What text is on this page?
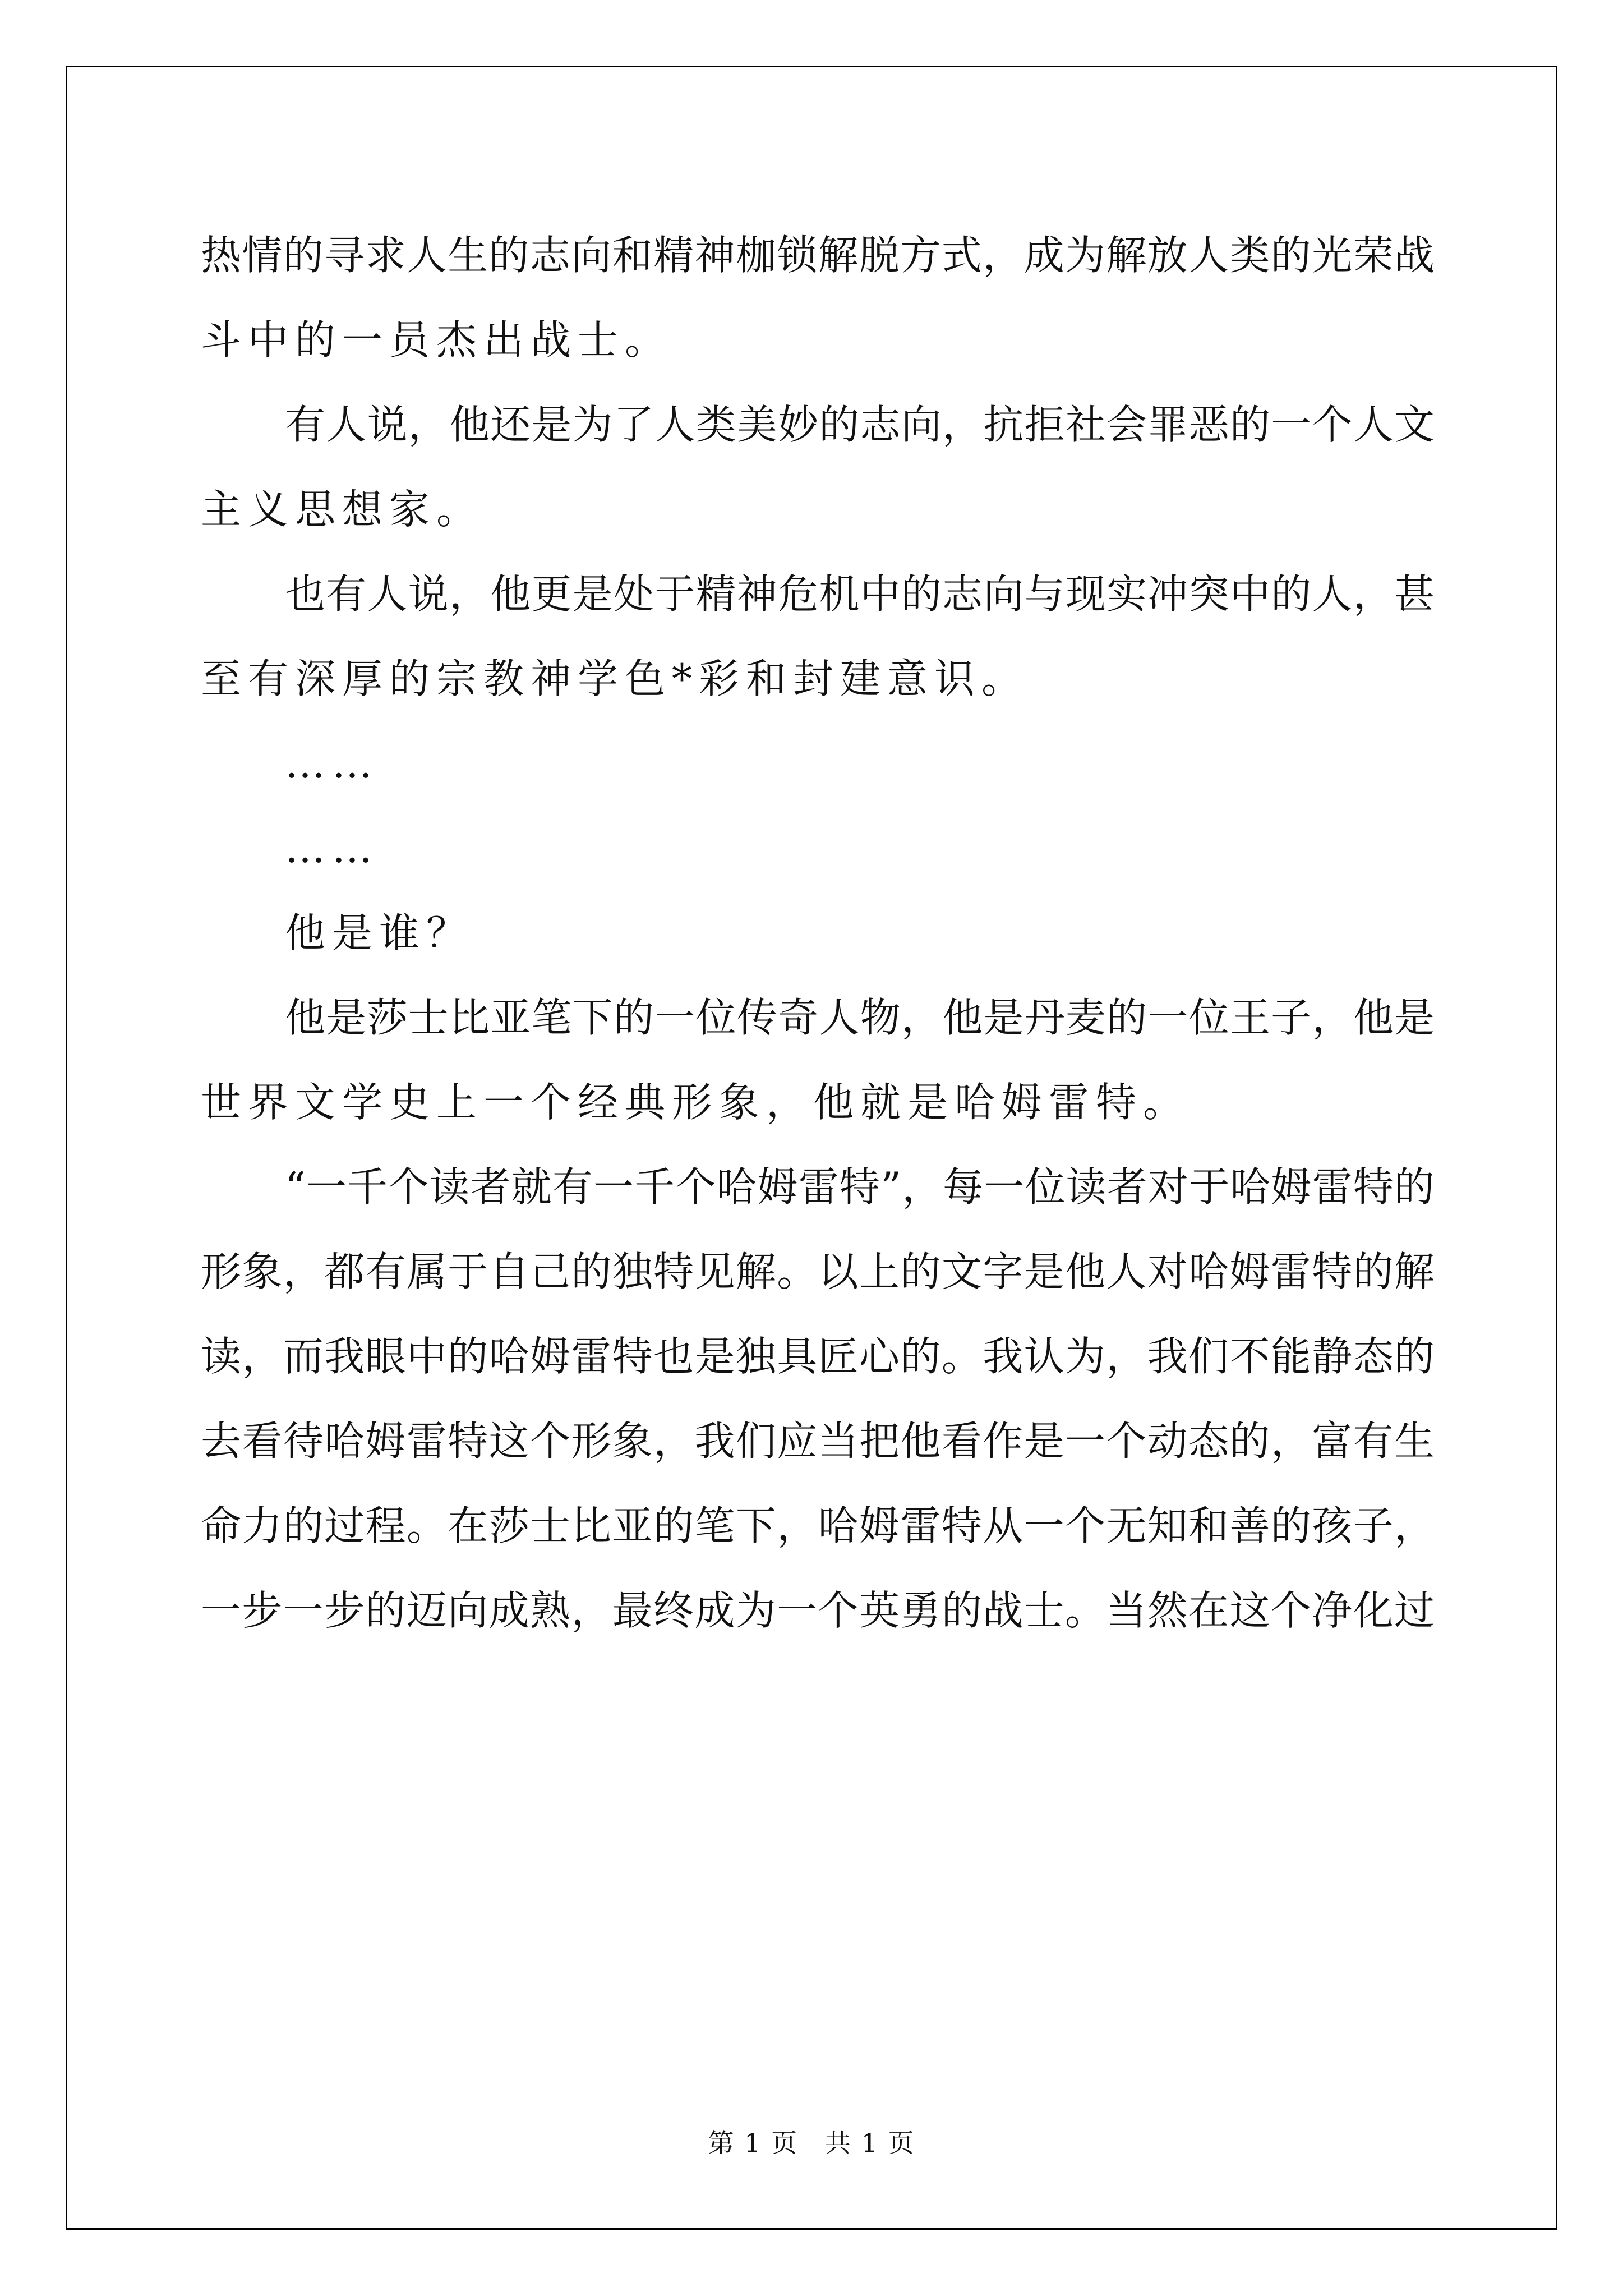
热情的寻求人生的志向和精神枷锁解脱方式，成为解放人类的光荣战
斗中的一员杰出战士。
有人说，他还是为了人类美妙的志向，抗拒社会罪恶的一个人文
主义思想家。
也有人说，他更是处于精神危机中的志向与现实冲突中的人，甚
至有深厚的宗教神学色*彩和封建意识。
……
……
他是谁？
他是莎士比亚笔下的一位传奇人物，他是丹麦的一位王子，他是
世界文学史上一个经典形象，他就是哈姆雷特。
“一千个读者就有一千个哈姆雷特”，每一位读者对于哈姆雷特的
形象，都有属于自己的独特见解。以上的文字是他人对哈姆雷特的解
读，而我眼中的哈姆雷特也是独具匠心的。我认为，我们不能静态的
去看待哈姆雷特这个形象，我们应当把他看作是一个动态的，富有生
命力的过程。在莎士比亚的笔下，哈姆雷特从一个无知和善的孩子，
一步一步的迈向成熟，最终成为一个英勇的战士。当然在这个净化过
第 1 页　共 1 页
